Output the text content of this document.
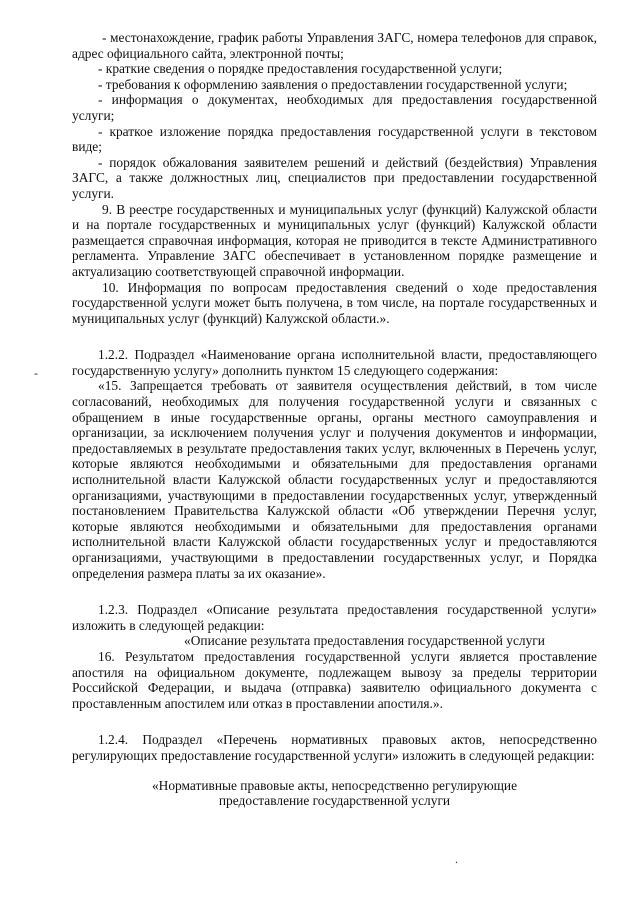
- местонахождение, график работы Управления ЗАГС, номера телефонов для справок, адрес официального сайта, электронной почты;

- краткие сведения о порядке предоставления государственной услуги;

- требования к оформлению заявления о предоставлении государственной услуги;

- информация о документах, необходимых для предоставления государственной услуги;

- краткое изложение порядка предоставления государственной услуги в текстовом виде;

- порядок обжалования заявителем решений и действий (бездействия) Управления ЗАГС, а также должностных лиц, специалистов при предоставлении государственной услуги.

9. В реестре государственных и муниципальных услуг (функций) Калужской области и на портале государственных и муниципальных услуг (функций) Калужской области размещается справочная информация, которая не приводится в тексте Административного регламента. Управление ЗАГС обеспечивает в установленном порядке размещение и актуализацию соответствующей справочной информации.

10. Информация по вопросам предоставления сведений о ходе предоставления государственной услуги может быть получена, в том числе, на портале государственных и муниципальных услуг (функций) Калужской области.».

1.2.2. Подраздел «Наименование органа исполнительной власти, предоставляющего государственную услугу» дополнить пунктом 15 следующего содержания:

«15. Запрещается требовать от заявителя осуществления действий, в том числе согласований, необходимых для получения государственной услуги и связанных с обращением в иные государственные органы, органы местного самоуправления и организации, за исключением получения услуг и получения документов и информации, предоставляемых в результате предоставления таких услуг, включенных в Перечень услуг, которые являются необходимыми и обязательными для предоставления органами исполнительной власти Калужской области государственных услуг и предоставляются организациями, участвующими в предоставлении государственных услуг, утвержденный постановлением Правительства Калужской области «Об утверждении Перечня услуг, которые являются необходимыми и обязательными для предоставления органами исполнительной власти Калужской области государственных услуг и предоставляются организациями, участвующими в предоставлении государственных услуг, и Порядка определения размера платы за их оказание».

1.2.3. Подраздел «Описание результата предоставления государственной услуги» изложить в следующей редакции:

«Описание результата предоставления государственной услуги

16. Результатом предоставления государственной услуги является проставление апостиля на официальном документе, подлежащем вывозу за пределы территории Российской Федерации, и выдача (отправка) заявителю официального документа с проставленным апостилем или отказ в проставлении апостиля.».

1.2.4. Подраздел «Перечень нормативных правовых актов, непосредственно регулирующих предоставление государственной услуги» изложить в следующей редакции:

«Нормативные правовые акты, непосредственно регулирующие

предоставление государственной услуги

-
.
